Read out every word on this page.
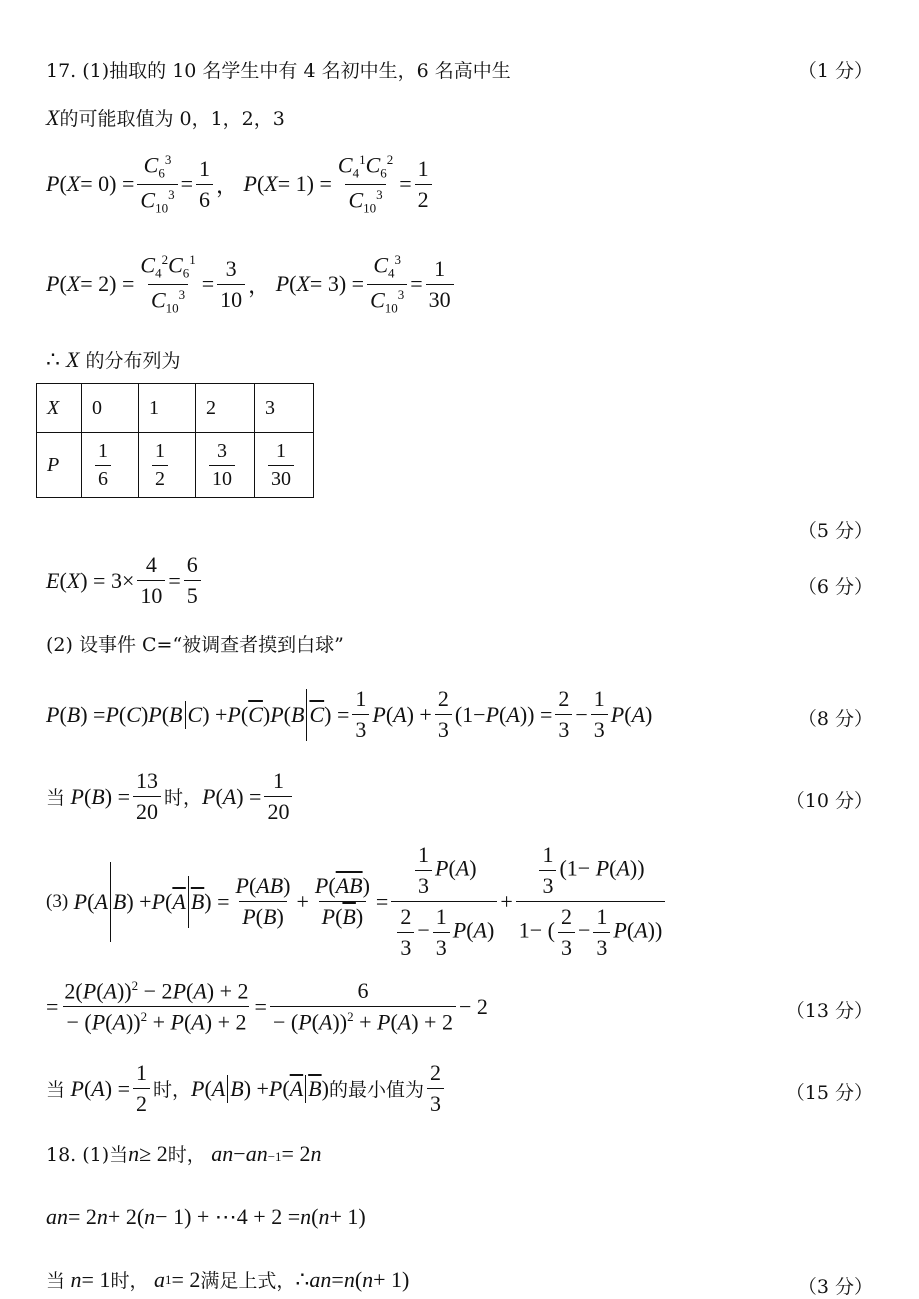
17. (1)抽取的 10 名学生中有 4 名初中生，6 名高中生	（1 分）
X 的可能取值为 0，1，2，3
P ( $X = 0) = \frac{C_6^3}{C_{10}^3} = \frac{1}{6}$ ， P ( $X = 1) = \frac{C_4^1C_6^2}{C_{10}^3} = \frac{1}{2}$
P ( $X = 2) = \frac{C_4^2C_6^1}{C_{10}^3} = \frac{3}{10}$ ， P ( $X = 3) = \frac{C_4^3}{C_{10}^3} = \frac{1}{30}$
∴
X
的分布列为
X	0	1	2	3
P	$\frac{1}{6}$	$\frac{1}{2}$	$\frac{3}{10}$	$\frac{1}{30}$
（5 分）
E ( X ) = $3\times \frac{4}{10} = \frac{6}{5}$	（6 分）
(2) 设事件 C=“被调查者摸到白球”
P ( B ) = P ( C ) P ( B C ) + P ( $\overline{C}$ ) P ( B $\overline{C}$ ) = $\frac{1}{3}$ P ( A ) + $\frac{2}{3} (1- P$ ( A )) = $\frac{2}{3} - \frac{1}{3}$ P ( A )	（8 分）
当
P ( B ) = $\frac{13}{20}$ 时， P ( A ) = $\frac{1}{20}$	（10 分）
(3)
P ( A B ) + P ( $\overline{A}$ $\overline{B}$ ) = $\frac{P(AB)}{P(B)} + \frac{P(\overline{AB})}{P(\overline{B})} = \frac{\frac{1}{3} P(A)}{\frac{2}{3} - \frac{1}{3} P(A)} + \frac{\frac{1}{3} (1- P(A))}{1- ( \frac{2}{3} - \frac{1}{3} P(A))}$
= $\frac{2(P(A))^2 - 2P(A) + 2}{- (P(A))^2 + P(A) + 2} = \frac{6}{- (P(A))^2 + P(A) + 2} - 2$	（13 分）
当
P ( A ) = $\frac{1}{2}$ 时， P ( A B ) + P ( $\overline{A}$ $\overline{B}$ ) 的最小值为 $\frac{2}{3}$	（15 分）
18. (1)当 n ≥ 2 时，
a n − a n−1 = 2 n
a n = 2 n + 2( n − 1) + ⋯4 + 2 = n ( n + 1)
当
n = 1 时，
a 1 = 2 满足上式， ∴ a n = n ( n + 1)	（3 分）
